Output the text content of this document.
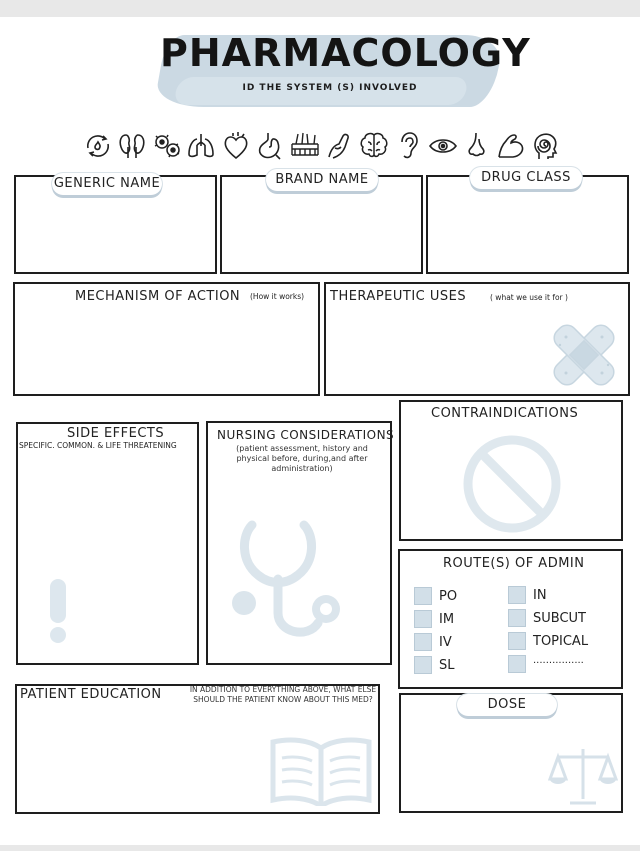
PHARMACOLOGY
ID THE SYSTEM (S) INVOLVED
GENERIC NAME	BRAND NAME	DRUG CLASS
MECHANISM OF ACTION (How it works) THERAPEUTIC USES	( what we use it for )
SIDE EFFECTS
SPECIFIC. COMMON. & LIFE THREATENING
NURSING CONSIDERATIONS
(patient assessment, history and physical before, during,and after administration)
CONTRAINDICATIONS
ROUTE(S) OF ADMIN
PO
IM
IV
SL
IN
SUBCUT
TOPICAL
................
PATIENT EDUCATION	IN ADDITION TO EVERYTHING ABOVE, WHAT ELSE SHOULD THE PATIENT KNOW ABOUT THIS MED?	DOSE
